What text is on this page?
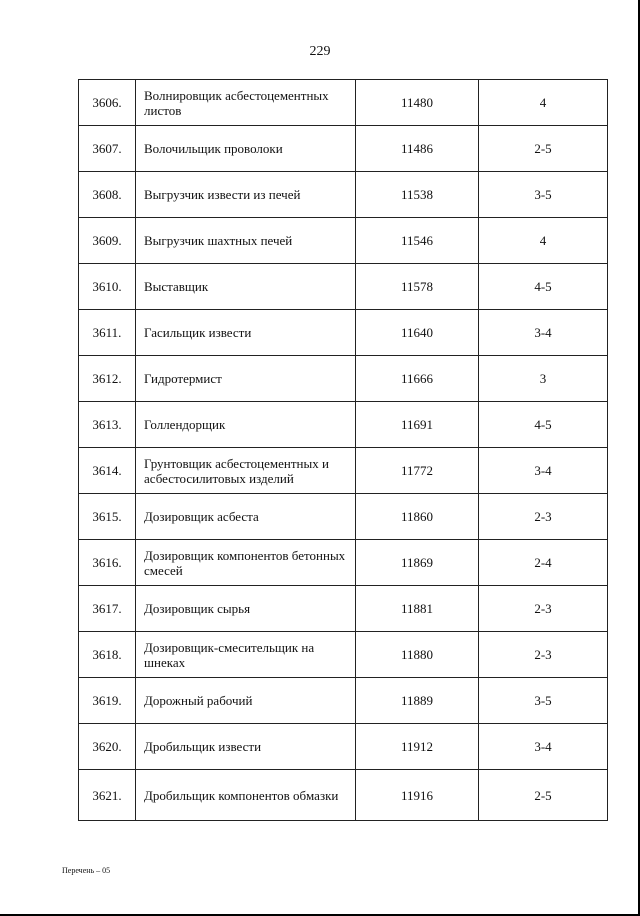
229
3606.	Волнировщик асбестоцементных листов	11480	4
3607.	Волочильщик проволоки	11486	2-5
3608.	Выгрузчик извести из печей	11538	3-5
3609.	Выгрузчик шахтных печей	11546	4
3610.	Выставщик	11578	4-5
3611.	Гасильщик извести	11640	3-4
3612.	Гидротермист	11666	3
3613.	Голлендорщик	11691	4-5
3614.	Грунтовщик асбестоцементных и асбестосилитовых изделий	11772	3-4
3615.	Дозировщик асбеста	11860	2-3
3616.	Дозировщик компонентов бетонных смесей	11869	2-4
3617.	Дозировщик сырья	11881	2-3
3618.	Дозировщик-смесительщик на шнеках	11880	2-3
3619.	Дорожный рабочий	11889	3-5
3620.	Дробильщик извести	11912	3-4
3621.	Дробильщик компонентов обмазки	11916	2-5
Перечень – 05
